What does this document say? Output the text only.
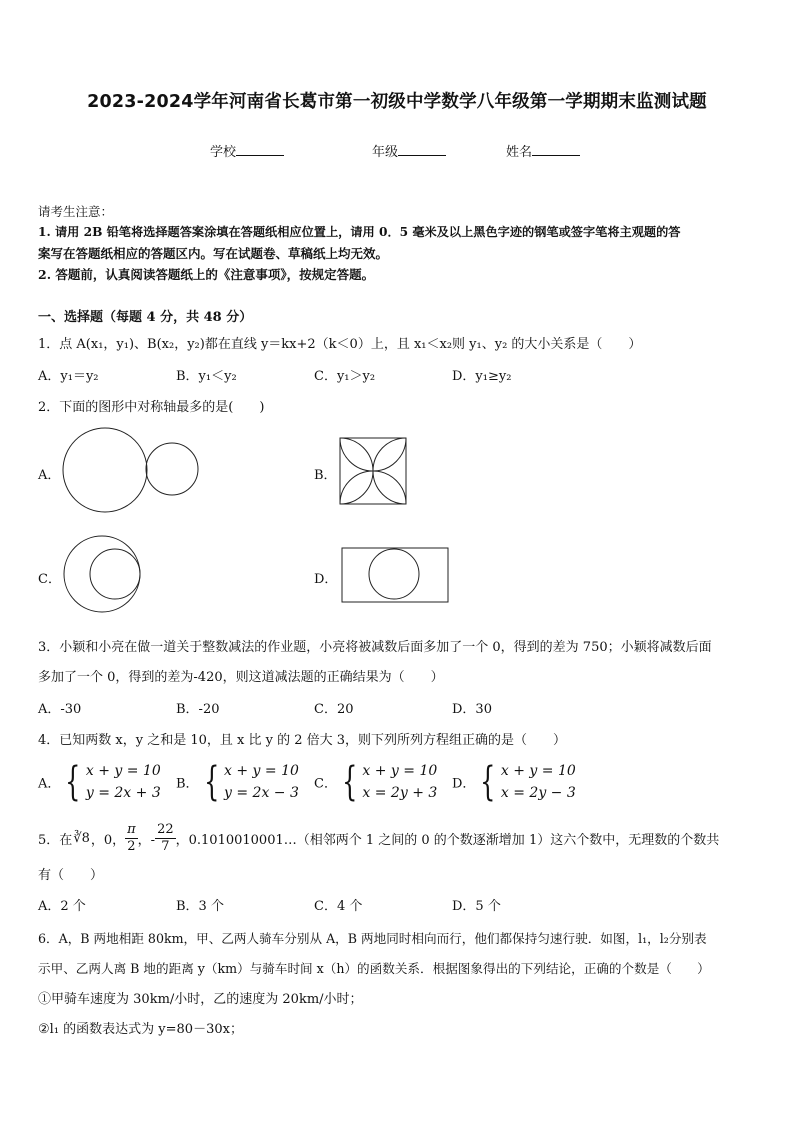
2023-2024学年河南省长葛市第一初级中学数学八年级第一学期期末监测试题
学校	年级	姓名
请考生注意：
1. 请用 2B 铅笔将选择题答案涂填在答题纸相应位置上，请用 0．5 毫米及以上黑色字迹的钢笔或签字笔将主观题的答
案写在答题纸相应的答题区内。写在试题卷、草稿纸上均无效。
2. 答题前，认真阅读答题纸上的《注意事项》，按规定答题。
一、选择题（每题 4 分，共 48 分）
1．点 A(x₁，y₁)、B(x₂，y₂)都在直线 y＝kx+2（k＜0）上，且 x₁＜x₂则 y₁、y₂ 的大小关系是（　　）
A．y₁＝y₂	B．y₁＜y₂	C．y₁＞y₂	D．y₁≥y₂
2．下面的图形中对称轴最多的是(　　)
A．	B．
C．	D．
3．小颖和小亮在做一道关于整数减法的作业题，小亮将被减数后面多加了一个 0，得到的差为 750；小颖将减数后面
多加了一个 0，得到的差为-420，则这道减法题的正确结果为（　　）
A．-30	B．-20	C．20	D．30
4．已知两数 x，y 之和是 10，且 x 比 y 的 2 倍大 3，则下列所列方程组正确的是（　　）
A． { x + y = 10
y = 2x + 3
B． { x + y = 10
y = 2x − 3
C． { x + y = 10
x = 2y + 3
D． { x + y = 10
x = 2y − 3
5．在 ∛8 ，0， $\frac{\pi}{2}$ ，- $\frac{22}{7}$ ，0.1010010001…（相邻两个 1 之间的 0 的个数逐渐增加 1）这六个数中，无理数的个数共
有（　　）
A．2 个	B．3 个	C．4 个	D．5 个
6．A，B 两地相距 80km，甲、乙两人骑车分别从 A，B 两地同时相向而行，他们都保持匀速行驶．如图，l₁，l₂分别表
示甲、乙两人离 B 地的距离 y（km）与骑车时间 x（h）的函数关系．根据图象得出的下列结论，正确的个数是（　　）
①甲骑车速度为 30km/小时，乙的速度为 20km/小时；
②l₁ 的函数表达式为 y=80－30x；
